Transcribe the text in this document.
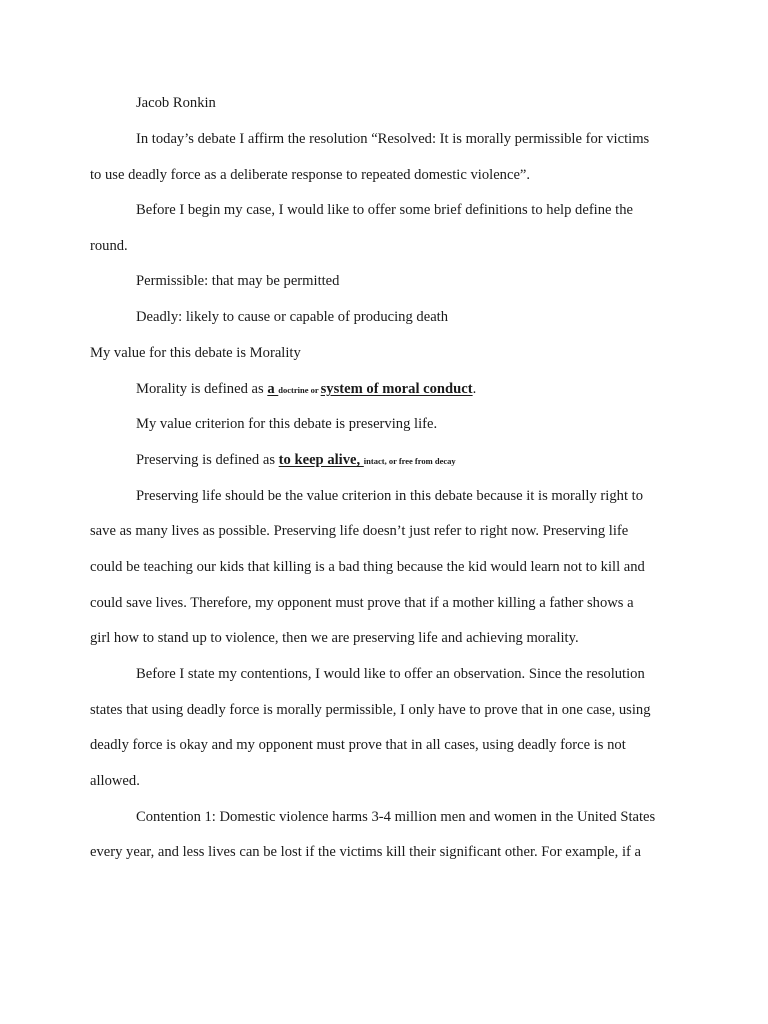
Jacob Ronkin
In today’s debate I affirm the resolution “Resolved: It is morally permissible for victims
to use deadly force as a deliberate response to repeated domestic violence”.
Before I begin my case, I would like to offer some brief definitions to help define the
round.
Permissible: that may be permitted
Deadly: likely to cause or capable of producing death
My value for this debate is Morality
Morality is defined as a doctrine or system of moral conduct.
My value criterion for this debate is preserving life.
Preserving is defined as to keep alive, intact, or free from decay
Preserving life should be the value criterion in this debate because it is morally right to
save as many lives as possible. Preserving life doesn’t just refer to right now. Preserving life
could be teaching our kids that killing is a bad thing because the kid would learn not to kill and
could save lives. Therefore, my opponent must prove that if a mother killing a father shows a
girl how to stand up to violence, then we are preserving life and achieving morality.
Before I state my contentions, I would like to offer an observation. Since the resolution
states that using deadly force is morally permissible, I only have to prove that in one case, using
deadly force is okay and my opponent must prove that in all cases, using deadly force is not
allowed.
Contention 1: Domestic violence harms 3-4 million men and women in the United States
every year, and less lives can be lost if the victims kill their significant other. For example, if a
